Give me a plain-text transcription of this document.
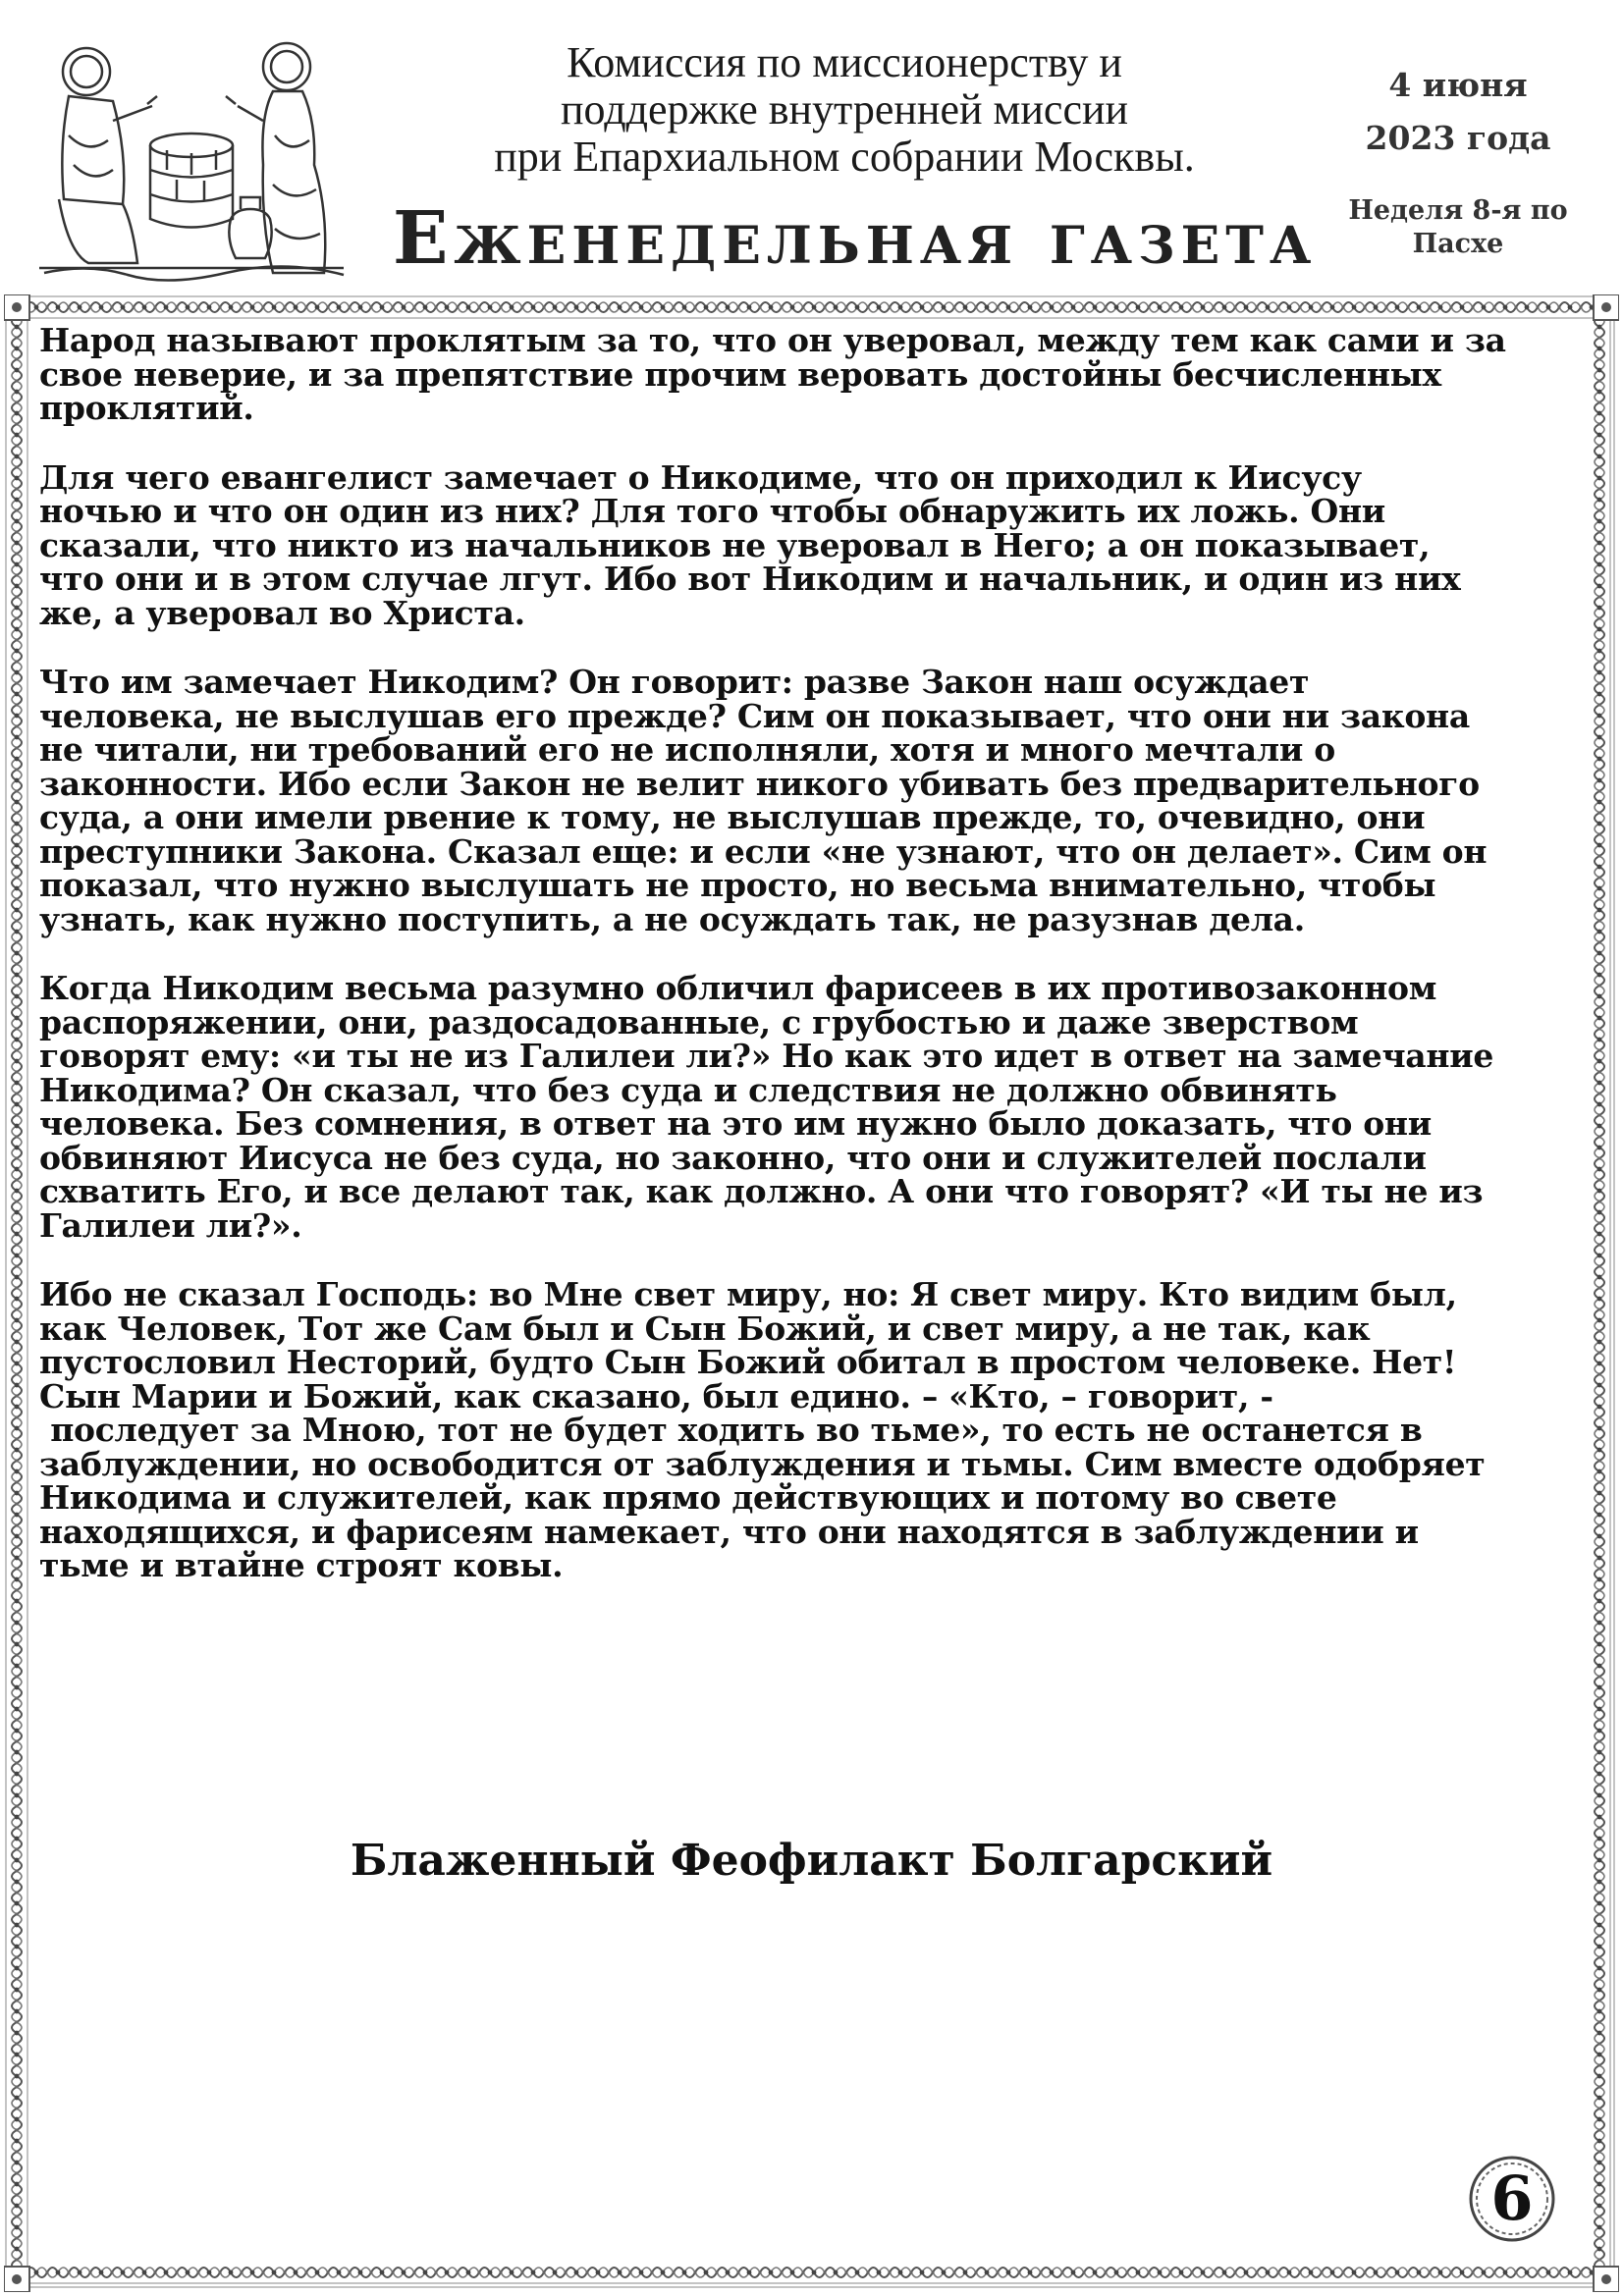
Комиссия по миссионерству и
поддержке внутренней миссии
при Епархиальном собрании Москвы.
Еженедельная газета
4 июня
2023 года
Неделя 8-я по
Пасхе
Народ называют проклятым за то, что он уверовал, между тем как сами и за
свое неверие, и за препятствие прочим веровать достойны бесчисленных
проклятий.
Для чего евангелист замечает о Никодиме, что он приходил к Иисусу
ночью и что он один из них? Для того чтобы обнаружить их ложь. Они
сказали, что никто из начальников не уверовал в Него; а он показывает,
что они и в этом случае лгут. Ибо вот Никодим и начальник, и один из них
же, а уверовал во Христа.
Что им замечает Никодим? Он говорит: разве Закон наш осуждает
человека, не выслушав его прежде? Сим он показывает, что они ни закона
не читали, ни требований его не исполняли, хотя и много мечтали о
законности. Ибо если Закон не велит никого убивать без предварительного
суда, а они имели рвение к тому, не выслушав прежде, то, очевидно, они
преступники Закона. Сказал еще: и если «не узнают, что он делает». Сим он
показал, что нужно выслушать не просто, но весьма внимательно, чтобы
узнать, как нужно поступить, а не осуждать так, не разузнав дела.
Когда Никодим весьма разумно обличил фарисеев в их противозаконном
распоряжении, они, раздосадованные, с грубостью и даже зверством
говорят ему: «и ты не из Галилеи ли?» Но как это идет в ответ на замечание
Никодима? Он сказал, что без суда и следствия не должно обвинять
человека. Без сомнения, в ответ на это им нужно было доказать, что они
обвиняют Иисуса не без суда, но законно, что они и служителей послали
схватить Его, и все делают так, как должно. А они что говорят? «И ты не из
Галилеи ли?».
Ибо не сказал Господь: во Мне свет миру, но: Я свет миру. Кто видим был,
как Человек, Тот же Сам был и Сын Божий, и свет миру, а не так, как
пустословил Несторий, будто Сын Божий обитал в простом человеке. Нет!
Сын Марии и Божий, как сказано, был едино. – «Кто, – говорит, -
последует за Мною, тот не будет ходить во тьме», то есть не останется в
заблуждении, но освободится от заблуждения и тьмы. Сим вместе одобряет
Никодима и служителей, как прямо действующих и потому во свете
находящихся, и фарисеям намекает, что они находятся в заблуждении и
тьме и втайне строят ковы.
Блаженный Феофилакт Болгарский
6
